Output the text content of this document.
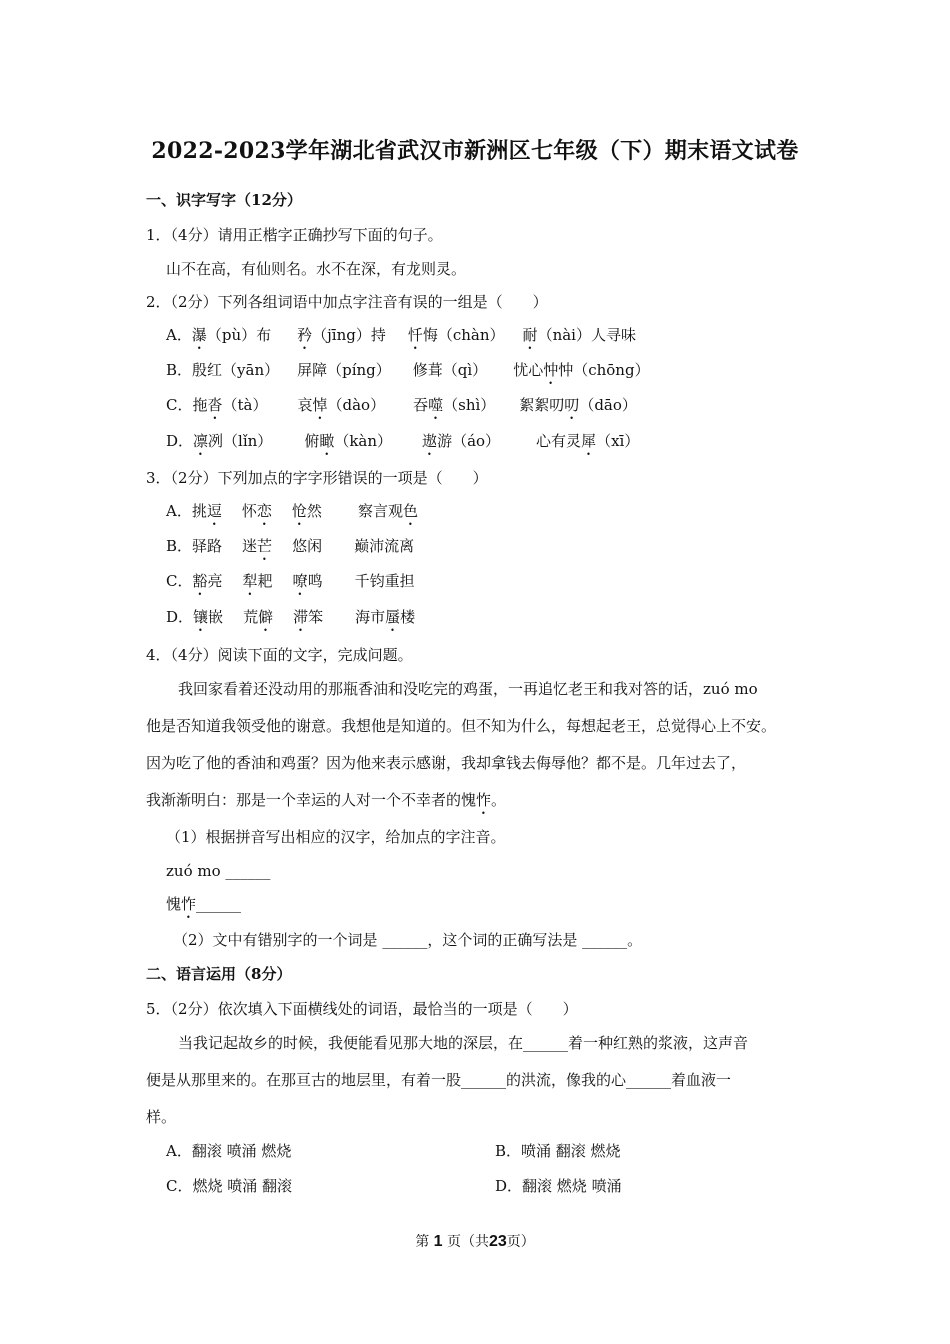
2022-2023学年湖北省武汉市新洲区七年级（下）期末语文试卷
一、识字写字（12分）
1．（4分）请用正楷字正确抄写下面的句子。
山不在高，有仙则名。水不在深，有龙则灵。
2．（2分）下列各组词语中加点字注音有误的一组是（　　）
A．瀑（pù）布 矜（jīng）持 忏悔（chàn） 耐（nài）人寻味
B．殷红（yān） 屏障（píng） 修葺（qì） 忧心忡忡（chōng）
C．拖沓（tà） 哀悼（dào） 吞噬（shì） 絮絮叨叨（dāo）
D．凛冽（lǐn） 俯瞰（kàn） 遨游（áo） 心有灵犀（xī）
3．（2分）下列加点的字字形错误的一项是（　　）
A．挑逗 怀恋 怆然 察言观色
B．驿路 迷芒 悠闲 巅沛流离
C．豁亮 犁耙 嘹鸣 千钧重担
D．镶嵌 荒僻 滞笨 海市蜃楼
4．（4分）阅读下面的文字，完成问题。
我回家看着还没动用的那瓶香油和没吃完的鸡蛋，一再追忆老王和我对答的话，zuó mo
他是否知道我领受他的谢意。我想他是知道的。但不知为什么，每想起老王，总觉得心上不安。
因为吃了他的香油和鸡蛋？因为他来表示感谢，我却拿钱去侮辱他？都不是。几年过去了，
我渐渐明白：那是一个幸运的人对一个不幸者的愧怍。
（1）根据拼音写出相应的汉字，给加点的字注音。
zuó mo ______
愧怍______
（2）文中有错别字的一个词是 ______，这个词的正确写法是 ______。
二、语言运用（8分）
5．（2分）依次填入下面横线处的词语，最恰当的一项是（　　）
当我记起故乡的时候，我便能看见那大地的深层，在______着一种红熟的浆液，这声音
便是从那里来的。在那亘古的地层里，有着一股______的洪流，像我的心______着血液一
样。
A．翻滚 喷涌 燃烧	B．喷涌 翻滚 燃烧
C．燃烧 喷涌 翻滚	D．翻滚 燃烧 喷涌
第 1 页（共23页）
